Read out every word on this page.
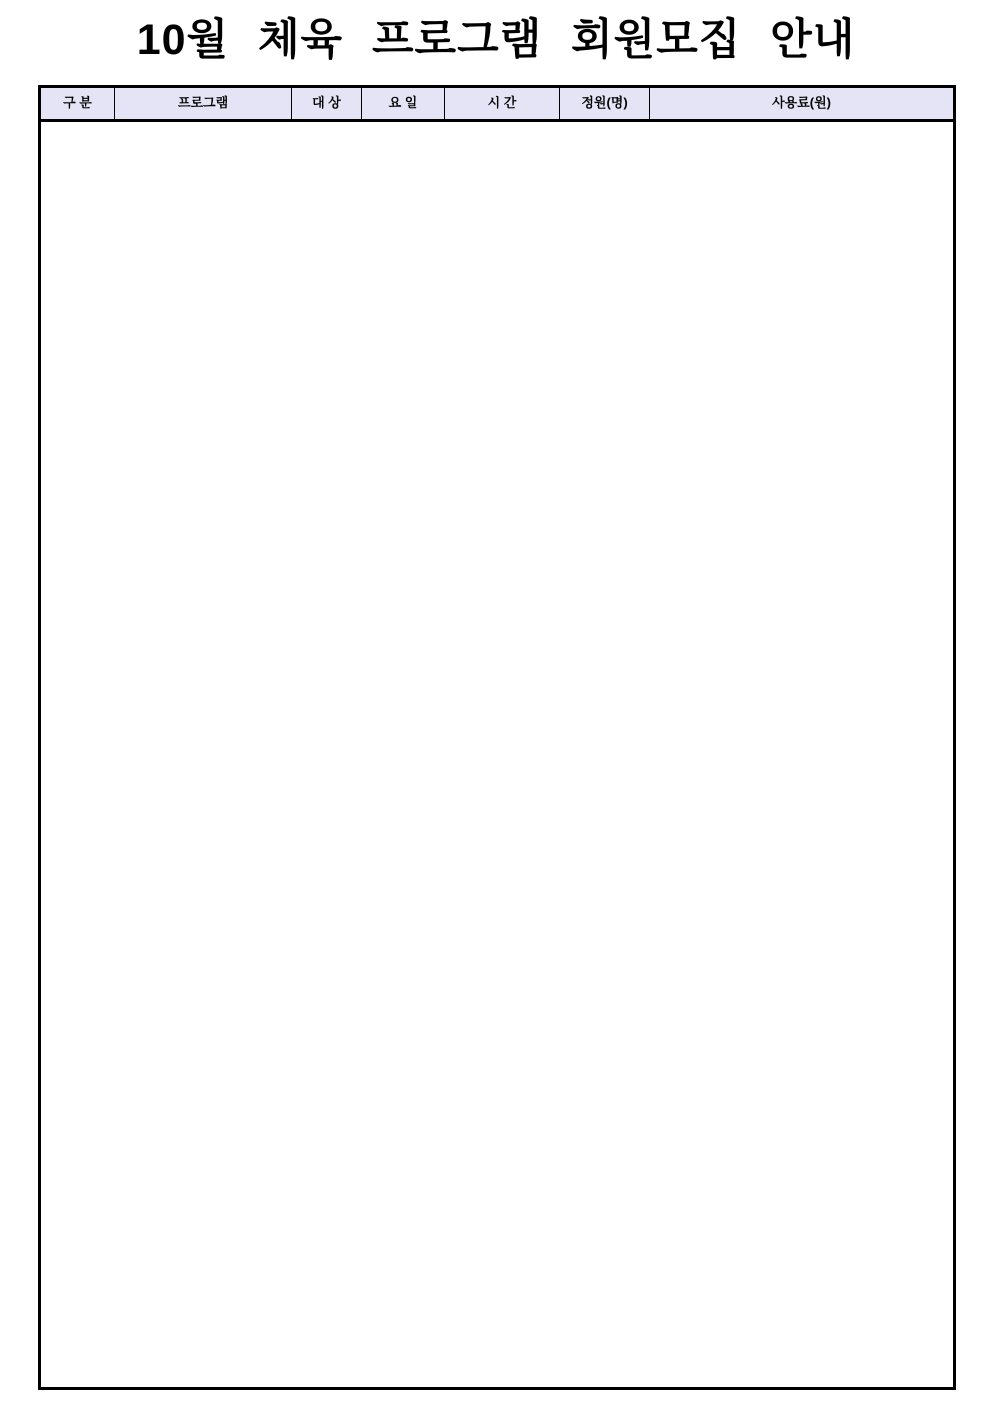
10월 체육 프로그램 회원모집 안내
구 분	프로그램	대 상	요 일	시 간	정원(명)	사용료(원)
